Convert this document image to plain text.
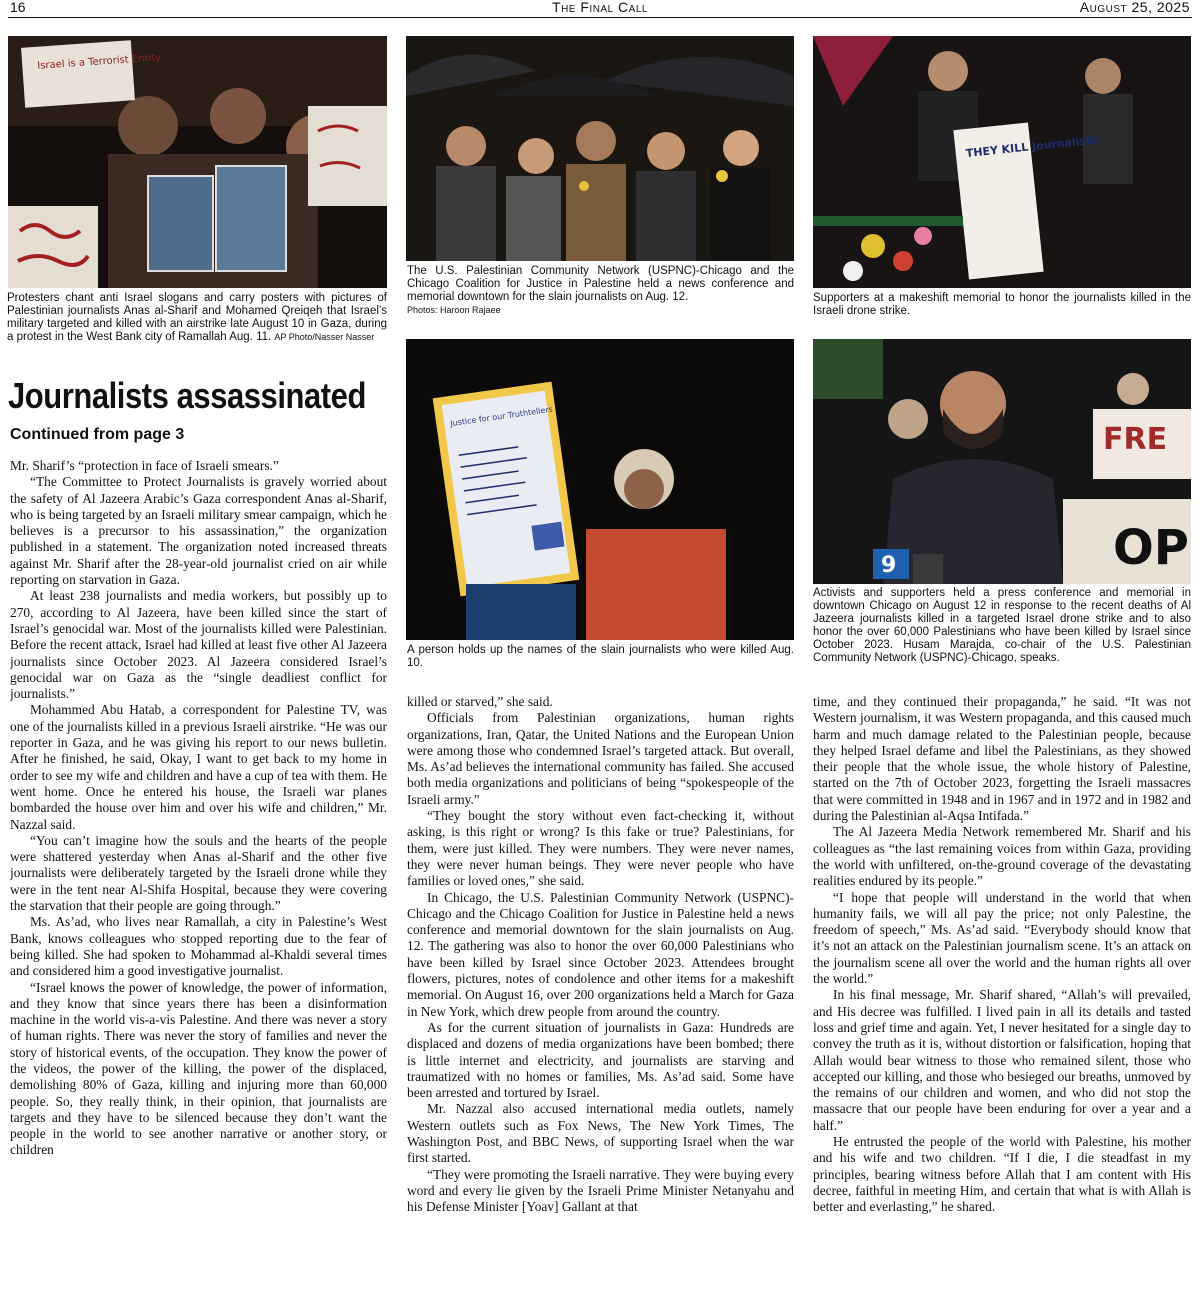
16	The Final Call	August 25, 2025
Israel is a Terrorist Entity
Protesters chant anti Israel slogans and carry posters with pictures of Palestinian journalists Anas al-Sharif and Mohamed Qreiqeh that Israel’s military targeted and killed with an airstrike late August 10 in Gaza, during a protest in the West Bank city of Ramallah Aug. 11. AP Photo/Nasser Nasser
The U.S. Palestinian Community Network (USPNC)-Chicago and the Chicago Coalition for Justice in Palestine held a news conference and memorial downtown for the slain journalists on Aug. 12.
Photos: Haroon Rajaee
THEY KILL Journalists
Supporters at a makeshift memorial to honor the journalists killed in the Israeli drone strike.
Journalists assassinated
Continued from page 3

Mr. Sharif’s “protection in face of Israeli smears.”

“The Committee to Protect Journalists is gravely worried about the safety of Al Jazeera Arabic’s Gaza correspondent Anas al-Sharif, who is being targeted by an Israeli military smear campaign, which he believes is a precursor to his assassination,” the organization published in a statement. The organization noted increased threats against Mr. Sharif after the 28-year-old journalist cried on air while reporting on starvation in Gaza.

At least 238 journalists and media workers, but possibly up to 270, according to Al Jazeera, have been killed since the start of Israel’s genocidal war. Most of the journalists killed were Palestinian. Before the recent attack, Israel had killed at least five other Al Jazeera journalists since October 2023. Al Jazeera considered Israel’s genocidal war on Gaza as the “single deadliest conflict for journalists.”

Mohammed Abu Hatab, a correspondent for Palestine TV, was one of the journalists killed in a previous Israeli airstrike. “He was our reporter in Gaza, and he was giving his report to our news bulletin. After he finished, he said, Okay, I want to get back to my home in order to see my wife and children and have a cup of tea with them. He went home. Once he entered his house, the Israeli war planes bombarded the house over him and over his wife and children,” Mr. Nazzal said.

“You can’t imagine how the souls and the hearts of the people were shattered yesterday when Anas al-Sharif and the other five journalists were deliberately targeted by the Israeli drone while they were in the tent near Al-Shifa Hospital, because they were covering the starvation that their people are going through.”

Ms. As’ad, who lives near Ramallah, a city in Palestine’s West Bank, knows colleagues who stopped reporting due to the fear of being killed. She had spoken to Mohammad al-Khaldi several times and considered him a good investigative journalist.

“Israel knows the power of knowledge, the power of information, and they know that since years there has been a disinformation machine in the world vis-a-vis Palestine. And there was never a story of human rights. There was never the story of families and never the story of historical events, of the occupation. They know the power of the videos, the power of the killing, the power of the displaced, demolishing 80% of Gaza, killing and injuring more than 60,000 people. So, they really think, in their opinion, that journalists are targets and they have to be silenced because they don’t want the people in the world to see another narrative or another story, or children

Justice for our Truthtellers
A person holds up the names of the slain journalists who were killed Aug. 10.
FRE
OP
9
Activists and supporters held a press conference and memorial in downtown Chicago on August 12 in response to the recent deaths of Al Jazeera journalists killed in a targeted Israel drone strike and to also honor the over 60,000 Palestinians who have been killed by Israel since October 2023. Husam Marajda, co-chair of the U.S. Palestinian Community Network (USPNC)-Chicago, speaks.

killed or starved,” she said.

Officials from Palestinian organizations, human rights organizations, Iran, Qatar, the United Nations and the European Union were among those who condemned Israel’s targeted attack. But overall, Ms. As’ad believes the international community has failed. She accused both media organizations and politicians of being “spokespeople of the Israeli army.”

“They bought the story without even fact-checking it, without asking, is this right or wrong? Is this fake or true? Palestinians, for them, were just killed. They were numbers. They were never names, they were never human beings. They were never people who have families or loved ones,” she said.

In Chicago, the U.S. Palestinian Community Network (USPNC)-Chicago and the Chicago Coalition for Justice in Palestine held a news conference and memorial downtown for the slain journalists on Aug. 12. The gathering was also to honor the over 60,000 Palestinians who have been killed by Israel since October 2023. Attendees brought flowers, pictures, notes of condolence and other items for a makeshift memorial. On August 16, over 200 organizations held a March for Gaza in New York, which drew people from around the country.

As for the current situation of journalists in Gaza: Hundreds are displaced and dozens of media organizations have been bombed; there is little internet and electricity, and journalists are starving and traumatized with no homes or families, Ms. As’ad said. Some have been arrested and tortured by Israel.

Mr. Nazzal also accused international media outlets, namely Western outlets such as Fox News, The New York Times, The Washington Post, and BBC News, of supporting Israel when the war first started.

“They were promoting the Israeli narrative. They were buying every word and every lie given by the Israeli Prime Minister Netanyahu and his Defense Minister [Yoav] Gallant at that

time, and they continued their propaganda,” he said. “It was not Western journalism, it was Western propaganda, and this caused much harm and much damage related to the Palestinian people, because they helped Israel defame and libel the Palestinians, as they showed their people that the whole issue, the whole history of Palestine, started on the 7th of October 2023, forgetting the Israeli massacres that were committed in 1948 and in 1967 and in 1972 and in 1982 and during the Palestinian al-Aqsa Intifada.”

The Al Jazeera Media Network remembered Mr. Sharif and his colleagues as “the last remaining voices from within Gaza, providing the world with unfiltered, on-the-ground coverage of the devastating realities endured by its people.”

“I hope that people will understand in the world that when humanity fails, we will all pay the price; not only Palestine, the freedom of speech,” Ms. As’ad said. “Everybody should know that it’s not an attack on the Palestinian journalism scene. It’s an attack on the journalism scene all over the world and the human rights all over the world.”

In his final message, Mr. Sharif shared, “Allah’s will prevailed, and His decree was fulfilled. I lived pain in all its details and tasted loss and grief time and again. Yet, I never hesitated for a single day to convey the truth as it is, without distortion or falsification, hoping that Allah would bear witness to those who remained silent, those who accepted our killing, and those who besieged our breaths, unmoved by the remains of our children and women, and who did not stop the massacre that our people have been enduring for over a year and a half.”

He entrusted the people of the world with Palestine, his mother and his wife and two children. “If I die, I die steadfast in my principles, bearing witness before Allah that I am content with His decree, faithful in meeting Him, and certain that what is with Allah is better and everlasting,” he shared.
